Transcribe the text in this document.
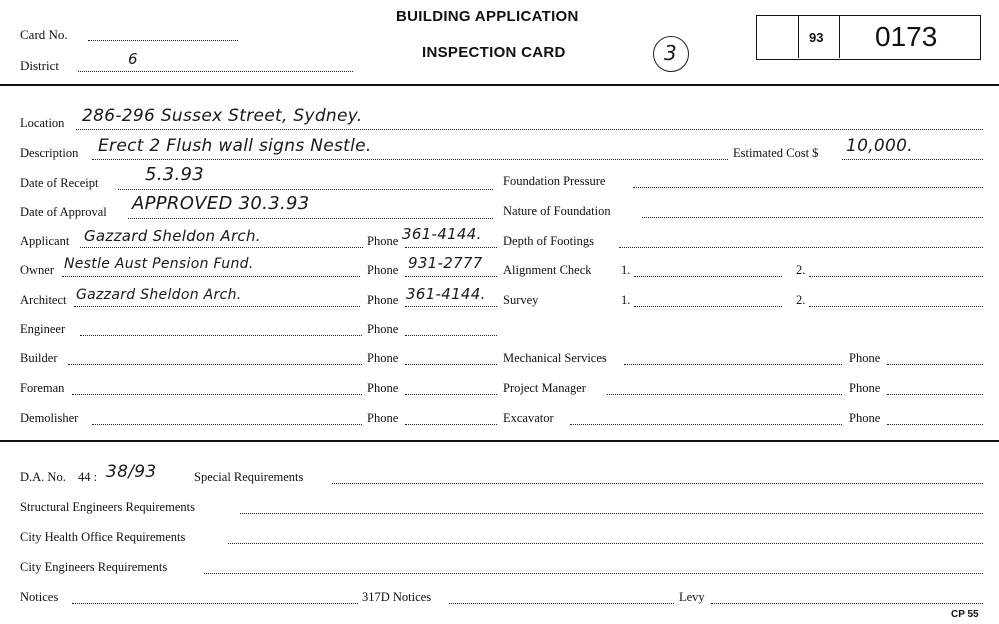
Card No.
District	6
BUILDING APPLICATION
INSPECTION CARD	3
93 0173
Location 286-296 Sussex Street, Sydney.
Description Erect 2 Flush wall signs Nestle.	Estimated Cost $ 10,000.
Date of Receipt	5.3.93	Foundation Pressure
Date of Approval APPROVED 30.3.93	Nature of Foundation
Applicant Gazzard Sheldon Arch.	Phone 361-4144. Depth of Footings
Owner Nestle Aust Pension Fund.	Phone 931-2777 Alignment Check 1.	2.
Architect Gazzard Sheldon Arch.	Phone 361-4144. Survey	1.	2.
Engineer	Phone
Builder	Phone	Mechanical Services	Phone
Foreman	Phone	Project Manager	Phone
Demolisher	Phone	Excavator	Phone
D.A. No. 44 : 38/93	Special Requirements
Structural Engineers Requirements
City Health Office Requirements
City Engineers Requirements
Notices	317D Notices	Levy
CP 55
